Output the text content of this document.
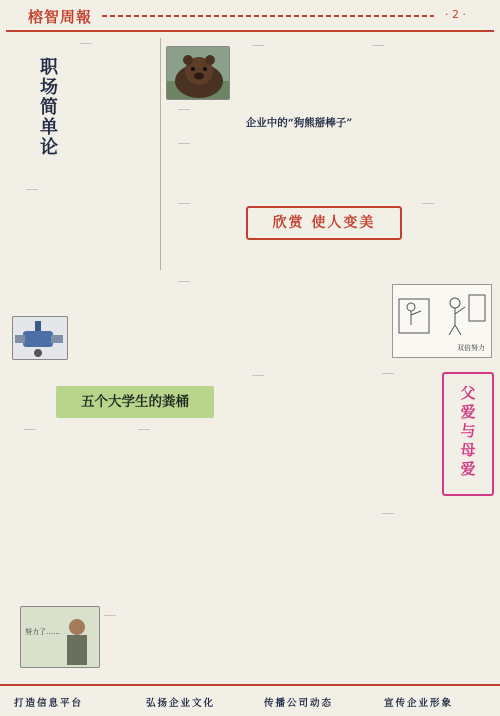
榕智周報	· 2 ·
职场简单论
……
……
……
……	……
企业中的“狗熊掰棒子”
……
……
欣赏 使人变美
……
……
双倍努力
五个大学生的粪桶
……	……
……
努力了……
……
……
父爱与母爱
……
打造信息平台	弘扬企业文化	传播公司动态	宣传企业形象
